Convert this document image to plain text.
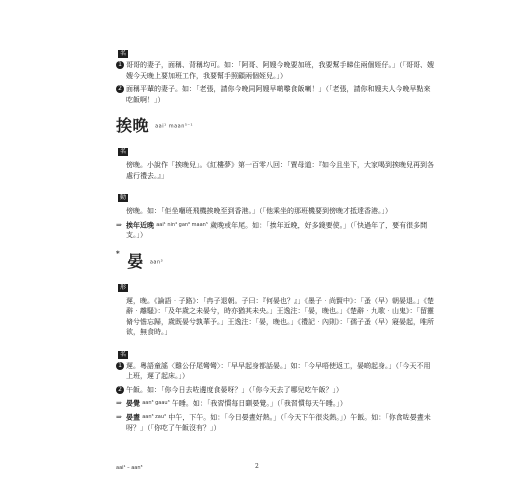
名
1 哥哥的妻子，面稱、背稱均可。如：「阿哥、阿嫂今晚要加班，我要幫手睇住兩個姪仔。」（「哥哥、嫂嫂今天晚上要加班工作，我要幫手照顧兩個姪兒。」）
2 面稱平輩的妻子。如：「老張，請你今晚同阿嫂早啲嚟食飯喇！」（「老張，請你和嫂夫人今晚早點來吃飯啊！」）
挨晚 aai¹ maan⁵⁻¹
名
傍晚。小說作「挨晚兒」。《紅樓夢》第一百零八回：「賈母道：『如今且坐下，大家喝到挨晚兒再到各處行禮去。』」
動
傍晚。如：「佢坐嗰班飛機挨晚至到香港。」（「他乘坐的那班機要到傍晚才抵達香港。」）
⇒ 挨年近晚 aai¹ nin⁴ gan⁶ maan⁵ 歲晚或年尾。如：「挨年近晚，好多錢要使。」（「快過年了，要有很多開支。」）
* 晏 aan³
形
遲，晚。《論語‧子路》：「冉子退朝。子曰：『何晏也？』」《墨子‧尚賢中》：「蚤（早）朝晏退。」《楚辭‧離騷》：「及年歲之未晏兮，時亦猶其未央。」王逸注：「晏，晚也。」《楚辭‧九歌‧山鬼》：「留靈脩兮憺忘歸，歲既晏兮孰華予。」王逸注：「晏，晚也。」《禮記‧內則》：「孺子蚤（早）寢晏起，唯所欲，無食時。」
名
1 遲。粵語童謠〈雞公仔尾彎彎〉：「早早起身都話晏。」如：「今早唔使返工，晏啲起身。」（「今天不用上班，遲了起床。」）
2 午飯。如：「你今日去咗邊度食晏呀？」（「你今天去了哪兒吃午飯？」）
⇒ 晏覺 aan³ gaau³ 午睡。如：「我習慣每日瞓晏覺。」（「我習慣每天午睡。」）
⇒ 晏晝 aan³ zau³ 中午，下午。如：「今日晏晝好熱。」（「今天下午很炎熱。」）午飯。如：「你食咗晏晝未呀？」（「你吃了午飯沒有？」）
aai¹ – aan³	2
